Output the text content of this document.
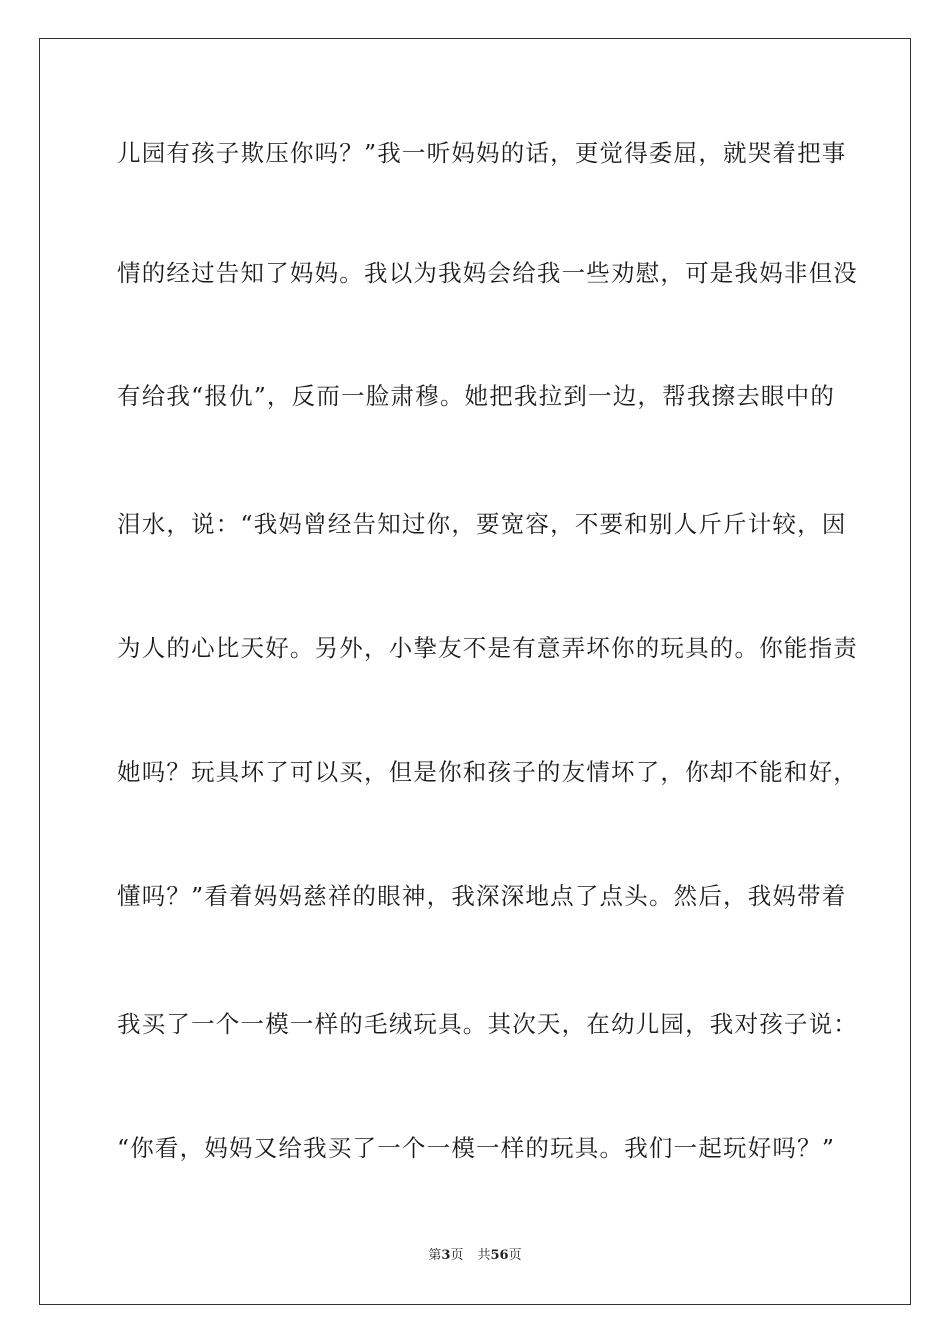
儿园有孩子欺压你吗？”我一听妈妈的话，更觉得委屈，就哭着把事
情的经过告知了妈妈。我以为我妈会给我一些劝慰，可是我妈非但没
有给我“报仇”，反而一脸肃穆。她把我拉到一边，帮我擦去眼中的
泪水，说：“我妈曾经告知过你，要宽容，不要和别人斤斤计较，因
为人的心比天好。另外，小挚友不是有意弄坏你的玩具的。你能指责
她吗？玩具坏了可以买，但是你和孩子的友情坏了，你却不能和好，
懂吗？”看着妈妈慈祥的眼神，我深深地点了点头。然后，我妈带着
我买了一个一模一样的毛绒玩具。其次天，在幼儿园，我对孩子说：
“你看，妈妈又给我买了一个一模一样的玩具。我们一起玩好吗？”
第3页 共56页
